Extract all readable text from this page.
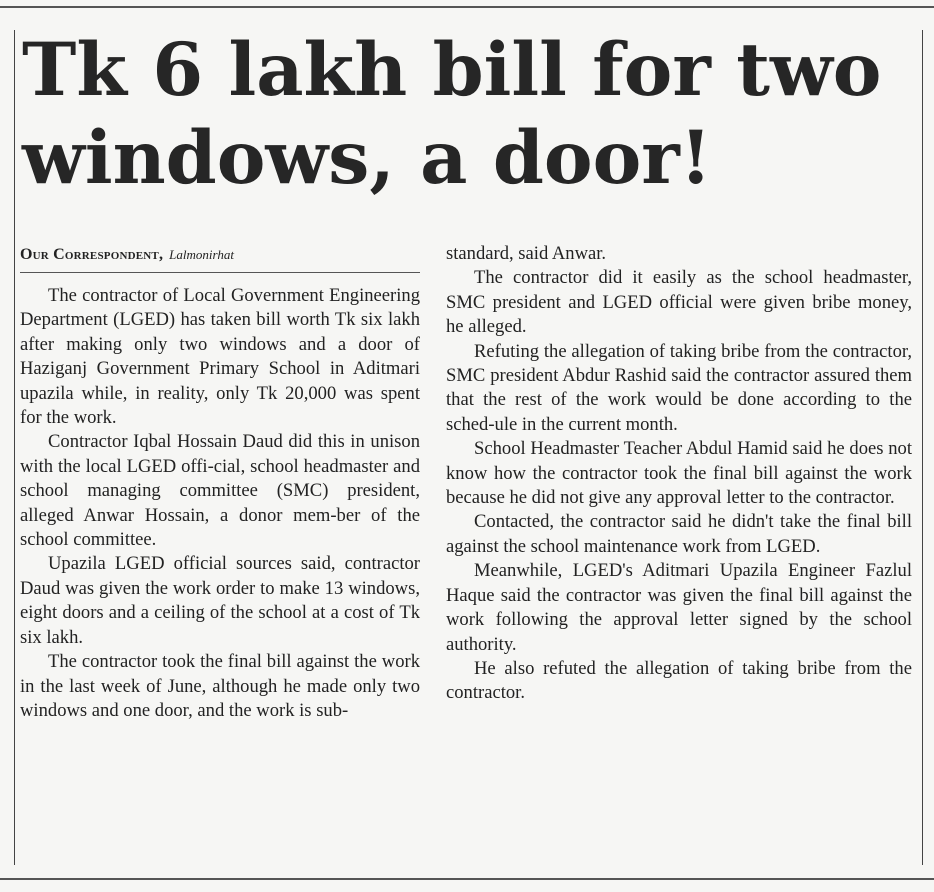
Tk 6 lakh bill for two
windows, a door!
Our Correspondent, Lalmonirhat

The contractor of Local Government Engineering Department (LGED) has taken bill worth Tk six lakh after making only two windows and a door of Haziganj Government Primary School in Aditmari upazila while, in reality, only Tk 20,000 was spent for the work.

Contractor Iqbal Hossain Daud did this in unison with the local LGED offi-cial, school headmaster and school managing committee (SMC) president, alleged Anwar Hossain, a donor mem-ber of the school committee.

Upazila LGED official sources said, contractor Daud was given the work order to make 13 windows, eight doors and a ceiling of the school at a cost of Tk six lakh.

The contractor took the final bill against the work in the last week of June, although he made only two windows and one door, and the work is sub-

standard, said Anwar.

The contractor did it easily as the school headmaster, SMC president and LGED official were given bribe money, he alleged.

Refuting the allegation of taking bribe from the contractor, SMC president Abdur Rashid said the contractor assured them that the rest of the work would be done according to the sched-ule in the current month.

School Headmaster Teacher Abdul Hamid said he does not know how the contractor took the final bill against the work because he did not give any approval letter to the contractor.

Contacted, the contractor said he didn't take the final bill against the school maintenance work from LGED.

Meanwhile, LGED's Aditmari Upazila Engineer Fazlul Haque said the contractor was given the final bill against the work following the approval letter signed by the school authority.

He also refuted the allegation of taking bribe from the contractor.
